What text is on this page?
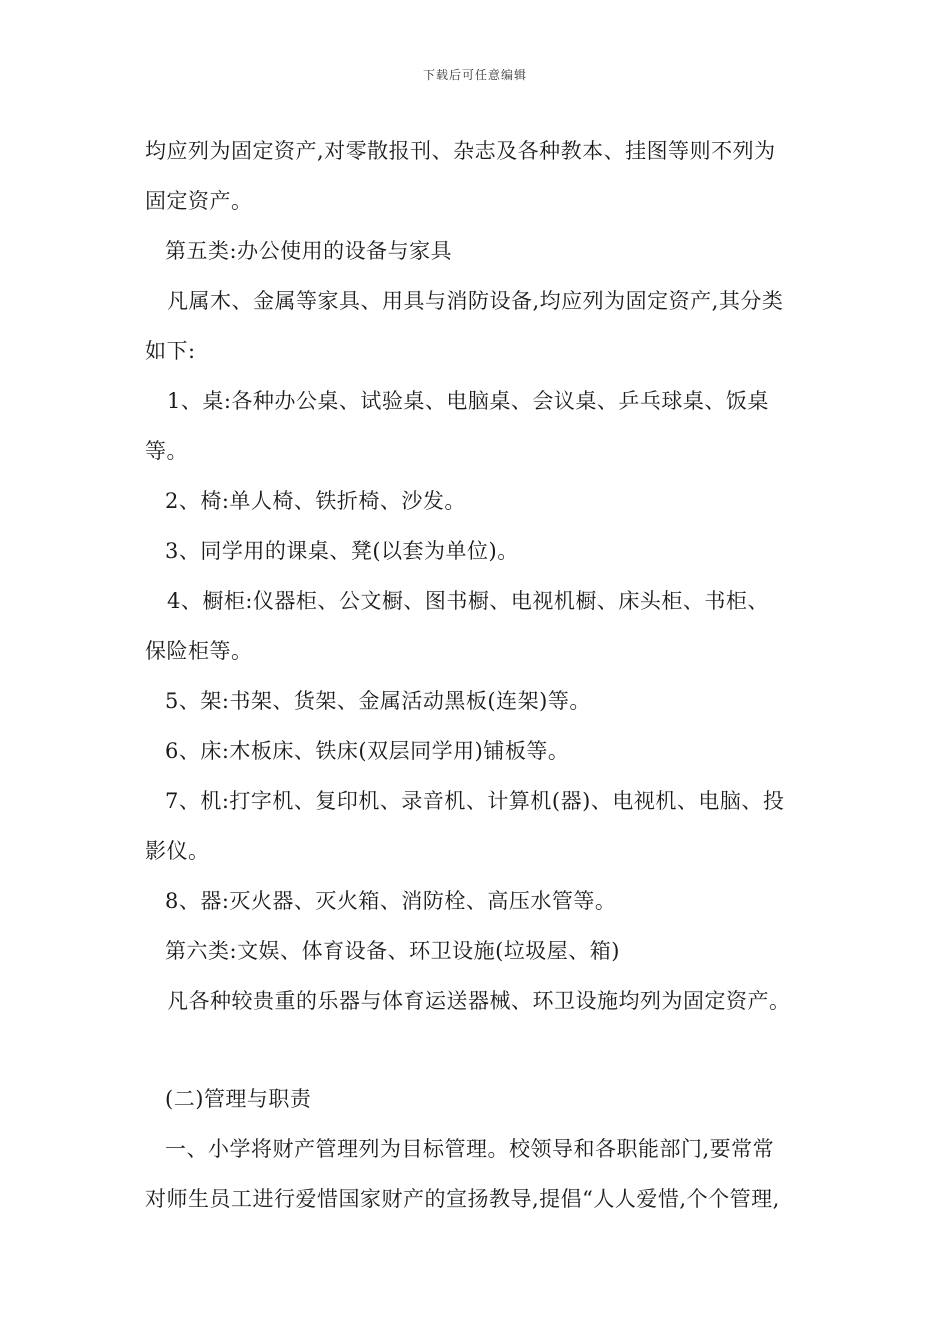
下载后可任意编辑
均应列为固定资产,对零散报刊、杂志及各种教本、挂图等则不列为
固定资产。
第五类:办公使用的设备与家具
凡属木、金属等家具、用具与消防设备,均应列为固定资产,其分类
如下:
1、桌:各种办公桌、试验桌、电脑桌、会议桌、乒乓球桌、饭桌
等。
2、椅:单人椅、铁折椅、沙发。
3、同学用的课桌、凳(以套为单位)。
4、橱柜:仪器柜、公文橱、图书橱、电视机橱、床头柜、书柜、
保险柜等。
5、架:书架、货架、金属活动黑板(连架)等。
6、床:木板床、铁床(双层同学用)铺板等。
7、机:打字机、复印机、录音机、计算机(器)、电视机、电脑、投
影仪。
8、器:灭火器、灭火箱、消防栓、高压水管等。
第六类:文娱、体育设备、环卫设施(垃圾屋、箱)
凡各种较贵重的乐器与体育运送器械、环卫设施均列为固定资产。
(二)管理与职责
一、小学将财产管理列为目标管理。校领导和各职能部门,要常常
对师生员工进行爱惜国家财产的宣扬教导,提倡“人人爱惜,个个管理,
